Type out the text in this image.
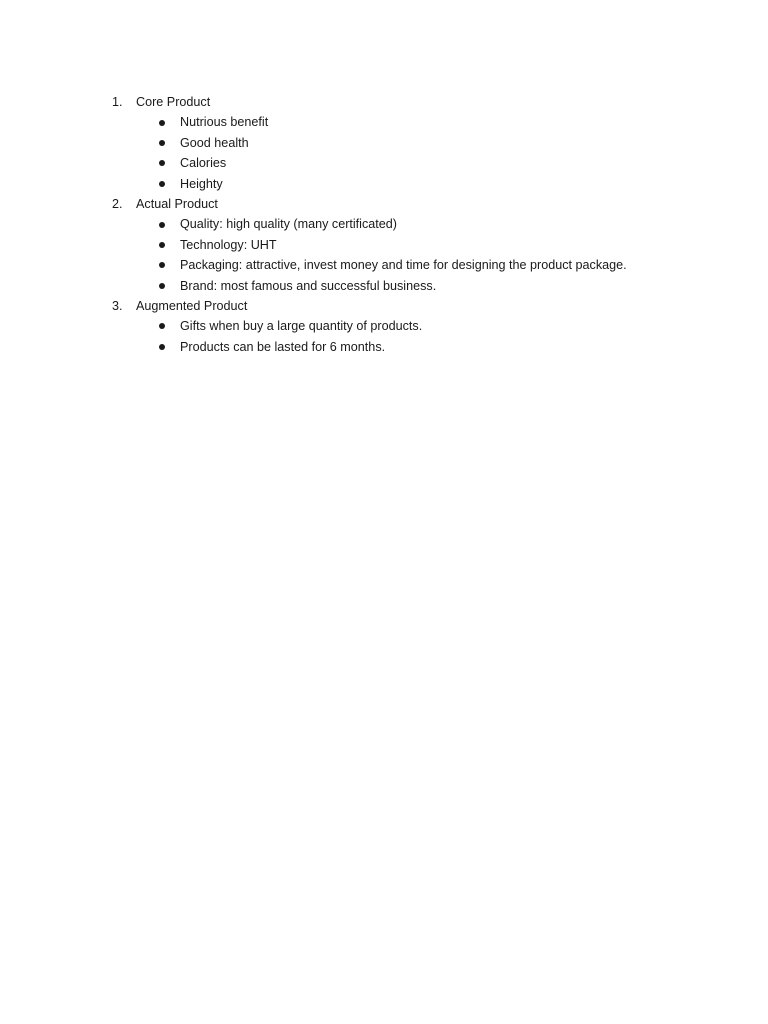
1.	Core Product
Nutrious benefit
Good health
Calories
Heighty
2.	Actual Product
Quality: high quality (many certificated)
Technology: UHT
Packaging: attractive, invest money and time for designing the product package.
Brand: most famous and successful business.
3.	Augmented Product
Gifts when buy a large quantity of products.
Products can be lasted for 6 months.
